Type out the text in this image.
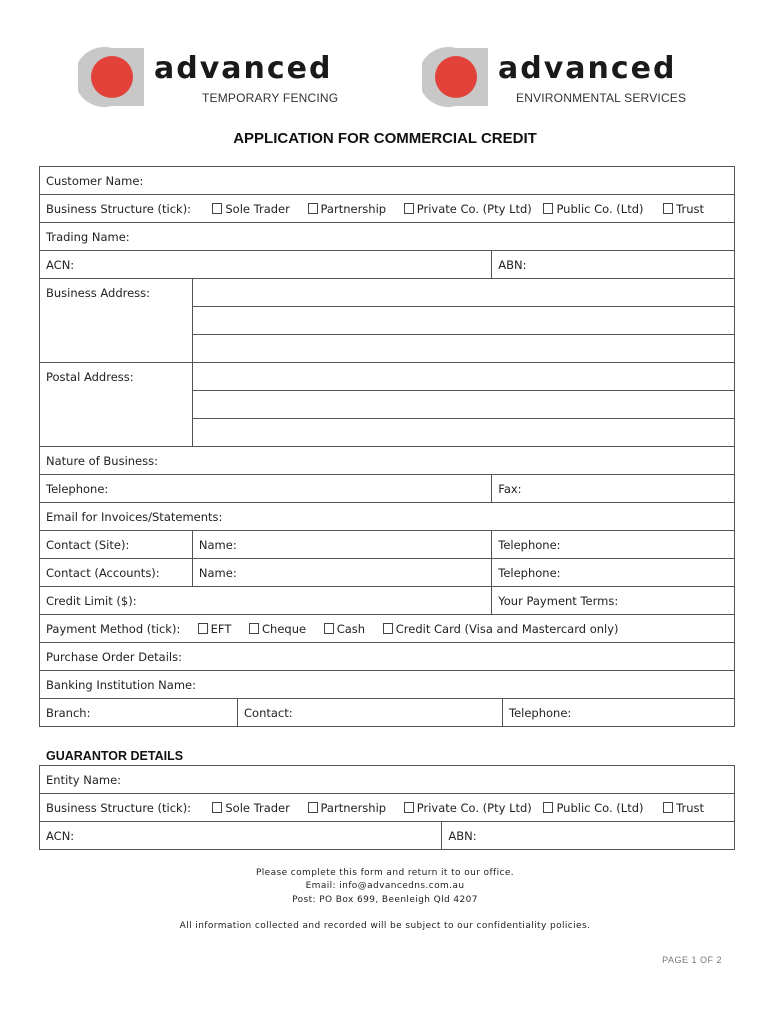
advanced
TEMPORARY FENCING
advanced
ENVIRONMENTAL SERVICES
APPLICATION FOR COMMERCIAL CREDIT
Customer Name:
Business Structure (tick):	Sole Trader	Partnership	Private Co. (Pty Ltd) Public Co. (Ltd)	Trust
Trading Name:
ACN:	ABN:
Business Address:	

Postal Address:	

Nature of Business:
Telephone:	Fax:
Email for Invoices/Statements:
Contact (Site):	Name:	Telephone:
Contact (Accounts):	Name:	Telephone:
Credit Limit ($):	Your Payment Terms:
Payment Method (tick):	EFT	Cheque	Cash	Credit Card (Visa and Mastercard only)
Purchase Order Details:
Banking Institution Name:

Branch:	Contact:	Telephone:
GUARANTOR DETAILS
Entity Name:
Business Structure (tick):	Sole Trader	Partnership	Private Co. (Pty Ltd) Public Co. (Ltd)	Trust
ACN:	ABN:
Please complete this form and return it to our office.
Email: info@advancedns.com.au
Post: PO Box 699, Beenleigh Qld 4207
All information collected and recorded will be subject to our confidentiality policies.
PAGE 1 OF 2
